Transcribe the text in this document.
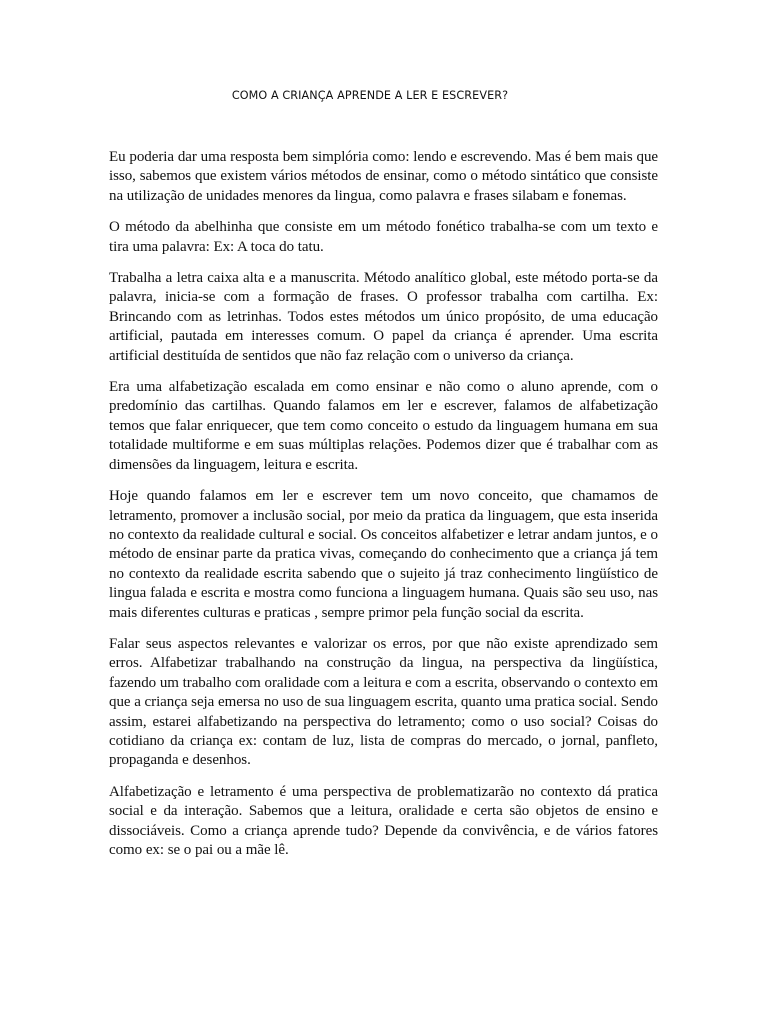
COMO A CRIANÇA APRENDE A LER E ESCREVER?

Eu poderia dar uma resposta bem simplória como: lendo e escrevendo. Mas é bem mais que isso, sabemos que existem vários métodos de ensinar, como o método sintático que consiste na utilização de unidades menores da lingua, como palavra e frases silabam e fonemas.

O método da abelhinha que consiste em um método fonético trabalha-se com um texto e tira uma palavra: Ex: A toca do tatu.

Trabalha a letra caixa alta e a manuscrita. Método analítico global, este método porta-se da palavra, inicia-se com a formação de frases. O professor trabalha com cartilha. Ex: Brincando com as letrinhas. Todos estes métodos um único propósito, de uma educação artificial, pautada em interesses comum. O papel da criança é aprender. Uma escrita artificial destituída de sentidos que não faz relação com o universo da criança.

Era uma alfabetização escalada em como ensinar e não como o aluno aprende, com o predomínio das cartilhas. Quando falamos em ler e escrever, falamos de alfabetização temos que falar enriquecer, que tem como conceito o estudo da linguagem humana em sua totalidade multiforme e em suas múltiplas relações. Podemos dizer que é trabalhar com as dimensões da linguagem, leitura e escrita.

Hoje quando falamos em ler e escrever tem um novo conceito, que chamamos de letramento, promover a inclusão social, por meio da pratica da linguagem, que esta inserida no contexto da realidade cultural e social. Os conceitos alfabetizer e letrar andam juntos, e o método de ensinar parte da pratica vivas, começando do conhecimento que a criança já tem no contexto da realidade escrita sabendo que o sujeito já traz conhecimento lingüístico de lingua falada e escrita e mostra como funciona a linguagem humana. Quais são seu uso, nas mais diferentes culturas e praticas , sempre primor pela função social da escrita.

Falar seus aspectos relevantes e valorizar os erros, por que não existe aprendizado sem erros. Alfabetizar trabalhando na construção da lingua, na perspectiva da lingüística, fazendo um trabalho com oralidade com a leitura e com a escrita, observando o contexto em que a criança seja emersa no uso de sua linguagem escrita, quanto uma pratica social. Sendo assim, estarei alfabetizando na perspectiva do letramento; como o uso social? Coisas do cotidiano da criança ex: contam de luz, lista de compras do mercado, o jornal, panfleto, propaganda e desenhos.

Alfabetização e letramento é uma perspectiva de problematizarão no contexto dá pratica social e da interação. Sabemos que a leitura, oralidade e certa são objetos de ensino e dissociáveis. Como a criança aprende tudo? Depende da convivência, e de vários fatores como ex: se o pai ou a mãe lê.
